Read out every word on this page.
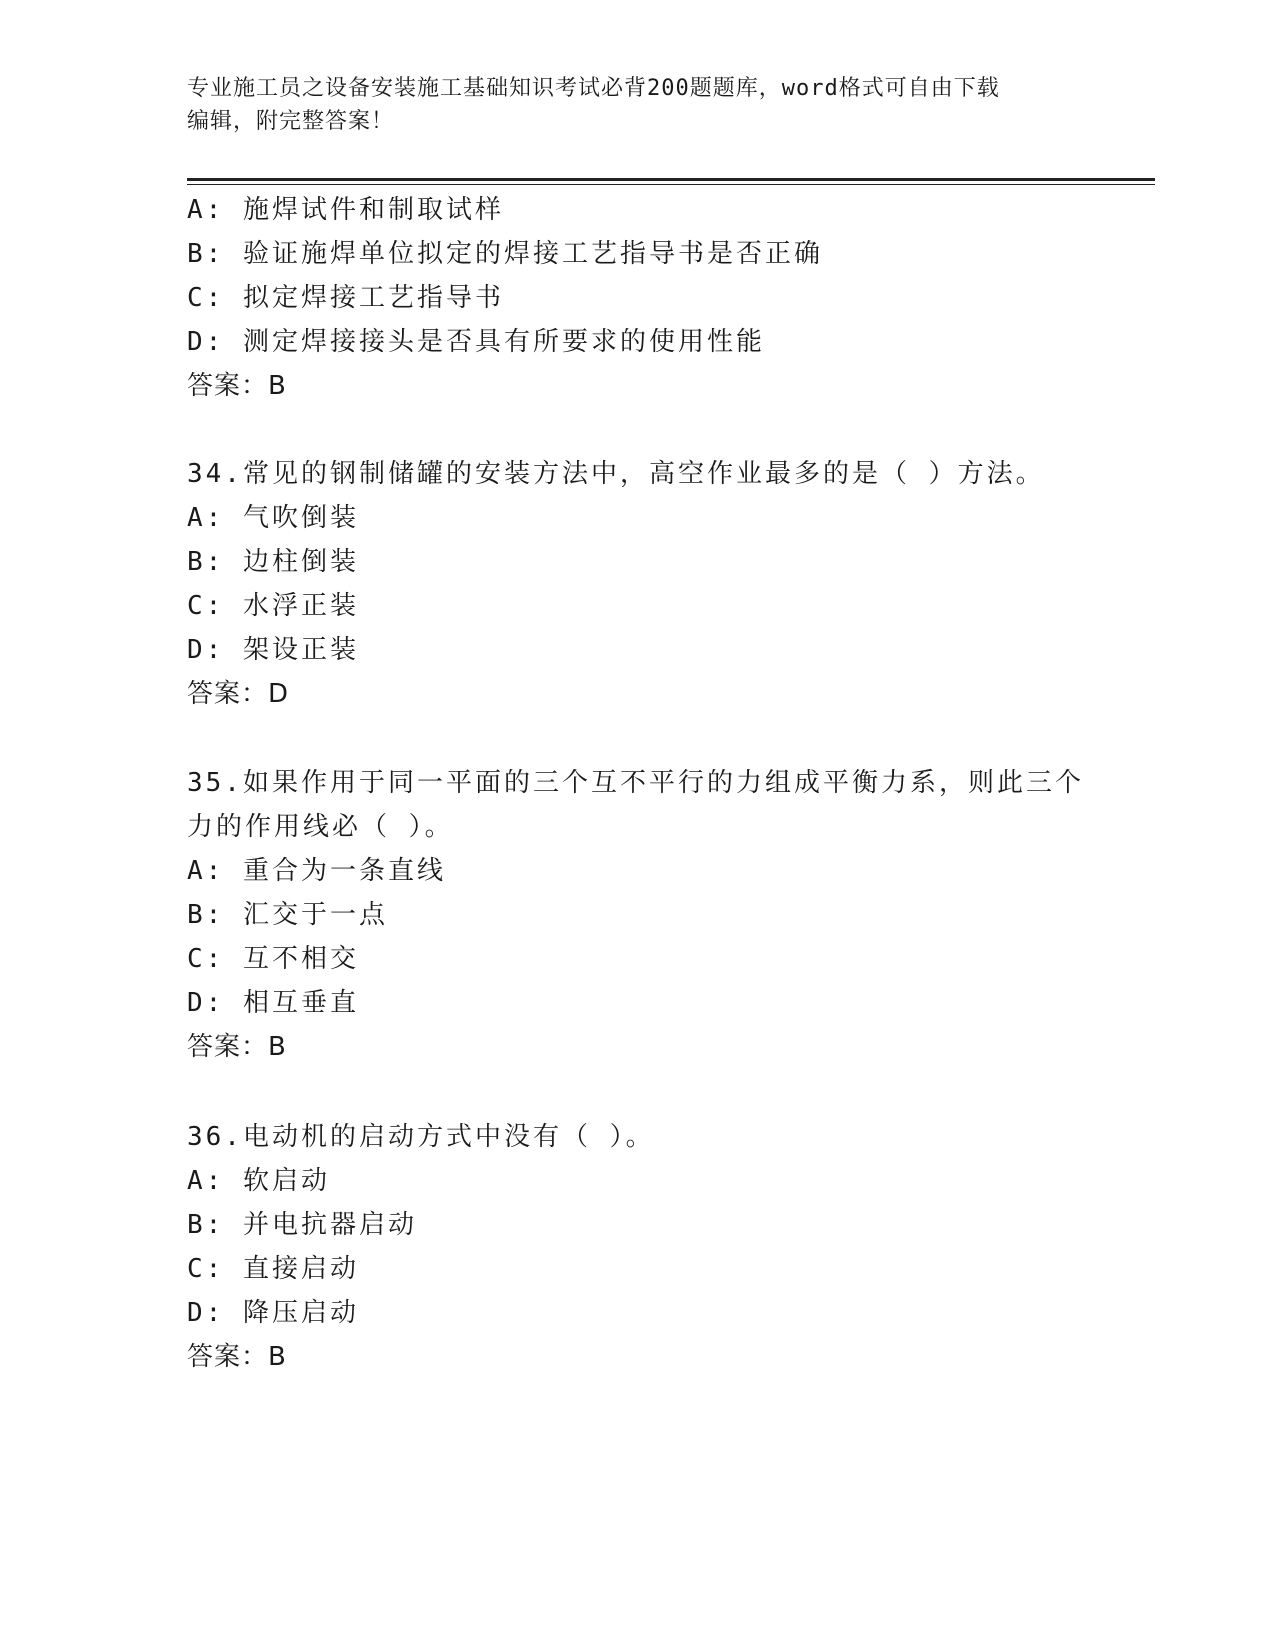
专业施工员之设备安装施工基础知识考试必背200题题库，word格式可自由下载

编辑，附完整答案！

A: 施焊试件和制取试样
B: 验证施焊单位拟定的焊接工艺指导书是否正确
C: 拟定焊接工艺指导书
D: 测定焊接接头是否具有所要求的使用性能
答案：B
34.常见的钢制储罐的安装方法中，高空作业最多的是（ ）方法。
A: 气吹倒装
B: 边柱倒装
C: 水浮正装
D: 架设正装
答案：D
35.如果作用于同一平面的三个互不平行的力组成平衡力系，则此三个
力的作用线必（ ）。
A: 重合为一条直线
B: 汇交于一点
C: 互不相交
D: 相互垂直
答案：B
36.电动机的启动方式中没有（ ）。
A: 软启动
B: 并电抗器启动
C: 直接启动
D: 降压启动
答案：B
